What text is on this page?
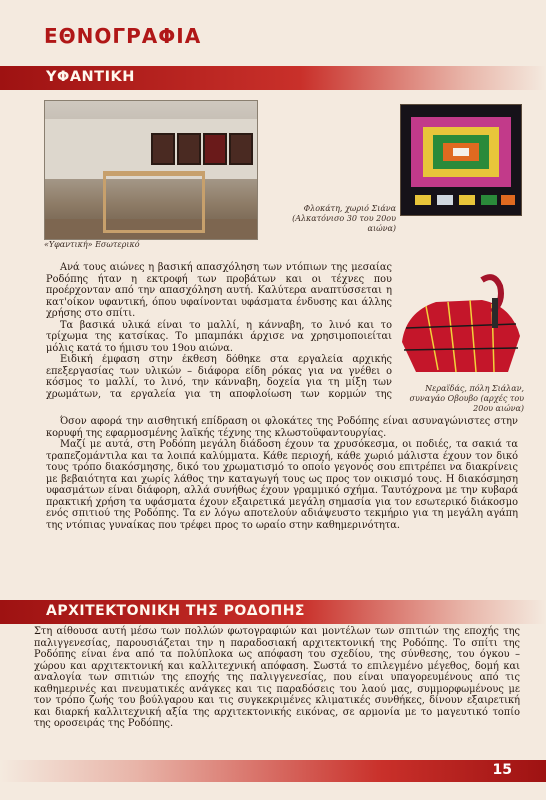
ΕΘΝΟΓΡΑΦΙΑ
ΥΦΑΝΤΙΚΗ
«Υφαντική» Εσωτερικό
Φλοκάτη, χωριό Σιάνα (Αλκατόνισο 30 του 20ου αιώνα)
Νεραϊδάς, πόλη Σιάλαν, συναγάο Οβουβο (αρχές του 20ου αιώνα)

Ανά τους αιώνες η βασική απασχόληση των ντόπιων της μεσαίας Ροδόπης ήταν η εκτροφή των προβάτων και οι τέχνες που προέρχονταν από την απασχόληση αυτή. Καλύτερα αναπτύσσεται η κατ'οίκον υφαντική, όπου υφαίνονται υφάσματα ένδυσης και άλλης χρήσης στο σπίτι.

Τα βασικά υλικά είναι το μαλλί, η κάνναβη, το λινό και το τρίχωμα της κατσίκας. Το μπαμπάκι άρχισε να χρησιμοποιείται μόλις κατά το ήμισυ του 19ου αιώνα.

Ειδική έμφαση στην έκθεση δόθηκε στα εργαλεία αρχικής επεξεργασίας των υλικών – διάφορα είδη ρόκας για να γνέθει ο κόσμος το μαλλί, το λινό, την κάνναβη, δοχεία για τη μίξη των χρωμάτων, τα εργαλεία για τη αποφλοίωση των κορμών της

Όσον αφορά την αισθητική επίδραση οι φλοκάτες της Ροδόπης είναι ασυναγώνιστες στην κορυφή της εφαρμοσμένης λαϊκής τέχνης της κλωστοϋφαντουργίας.

Μαζί με αυτά, στη Ροδόπη μεγάλη διάδοση έχουν τα χρυσόκεσμα, οι ποδιές, τα σακιά τα τραπεζομάντιλα και τα λοιπά καλύμματα. Κάθε περιοχή, κάθε χωριό μάλιστα έχουν τον δικό τους τρόπο διακόσμησης, δικό του χρωματισμό το οποίο γεγονός σου επιτρέπει να διακρίνεις με βεβαιότητα και χωρίς λάθος την καταγωγή τους ως προς τον οικισμό τους. Η διακόσμηση υφασμάτων είναι διάφορη, αλλά συνήθως έχουν γραμμικό σχήμα. Ταυτόχρονα με την κυβαρά πρακτική χρήση τα υφάσματα έχουν εξαιρετικά μεγάλη σημασία για τον εσωτερικό διάκοσμο ενός σπιτιού της Ροδόπης. Τα εν λόγω αποτελούν αδιάψευστο τεκμήριο για τη μεγάλη αγάπη της ντόπιας γυναίκας που τρέφει προς το ωραίο στην καθημερινότητα.

ΑΡΧΙΤΕΚΤΟΝΙΚΗ ΤΗΣ ΡΟΔΟΠΗΣ

Στη αίθουσα αυτή μέσω των πολλών φωτογραφιών και μοντέλων των σπιτιών της εποχής της παλιγγενεσίας, παρουσιάζεται την η παραδοσιακή αρχιτεκτονική της Ροδόπης. Το σπίτι της Ροδόπης είναι ένα από τα πολύπλοκα ως απόφαση του σχεδίου, της σύνθεσης, του όγκου – χώρου και αρχιτεκτονική και καλλιτεχνική απόφαση. Σωστά το επιλεγμένο μέγεθος, δομή και αναλογία των σπιτιών της εποχής της παλιγγενεσίας, που είναι υπαγορευμένους από τις καθημερινές και πνευματικές ανάγκες και τις παραδόσεις του λαού μας, συμμορφωμένους με τον τρόπο ζωής του βούλγαρου και τις συγκεκριμένες κλιματικές συνθήκες, δίνουν εξαιρετική και διαρκή καλλιτεχνική αξία της αρχιτεκτονικής εικόνας, σε αρμονία με το μαγευτικό τοπίο της οροσειράς της Ροδόπης.

15
